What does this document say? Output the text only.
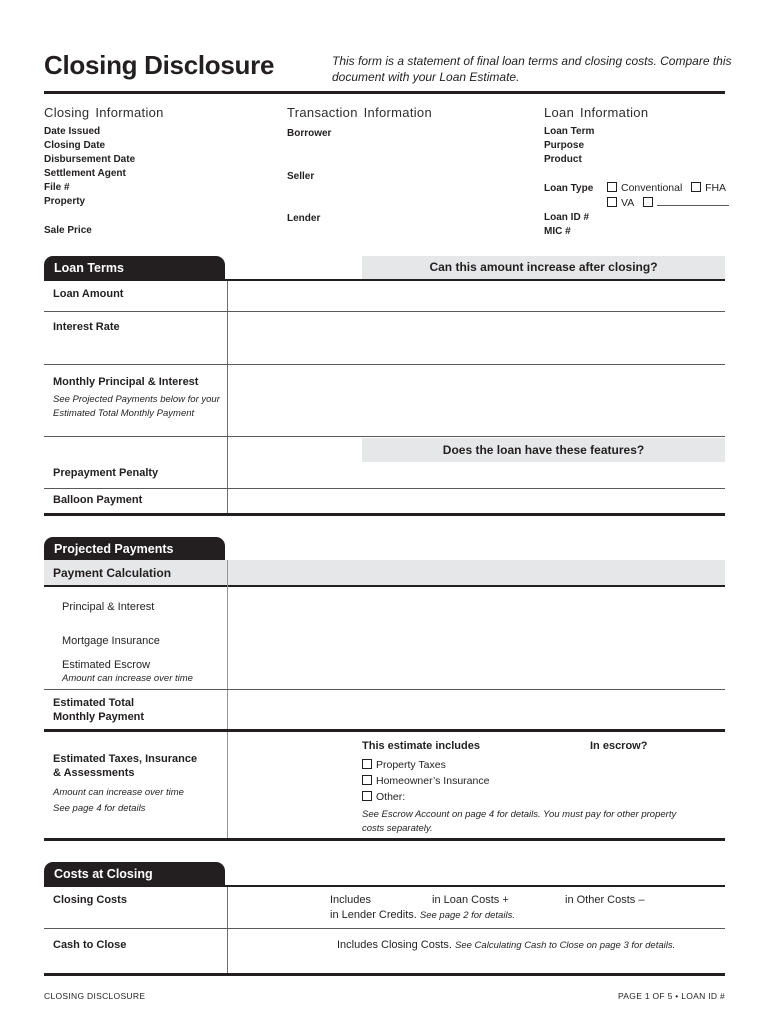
Closing Disclosure	This form is a statement of final loan terms and closing costs. Compare this
document with your Loan Estimate.
Closing Information	Transaction Information	Loan Information
Date Issued
Closing Date
Disbursement Date
Settlement Agent
File #
Property
Sale Price
Borrower
Seller
Lender
Loan Term
Purpose
Product
Loan Type	Conventional FHA
VA
Loan ID #
MIC #
Loan Terms	Can this amount increase after closing?
Loan Amount
Interest Rate
Monthly Principal & Interest
See Projected Payments below for your
Estimated Total Monthly Payment
Does the loan have these features?
Prepayment Penalty
Balloon Payment
Projected Payments
Payment Calculation
Principal & Interest
Mortgage Insurance
Estimated Escrow
Amount can increase over time
Estimated Total
Monthly Payment
Estimated Taxes, Insurance
& Assessments
Amount can increase over time
See page 4 for details
This estimate includes	In escrow?
Property Taxes
Homeowner’s Insurance
Other:
See Escrow Account on page 4 for details. You must pay for other property
costs separately.
Costs at Closing
Closing Costs	Includes	in Loan Costs +	in Other Costs –
in Lender Credits. See page 2 for details.
Cash to Close	Includes Closing Costs. See Calculating Cash to Close on page 3 for details.
CLOSING DISCLOSURE	PAGE 1 OF 5 • LOAN ID #
